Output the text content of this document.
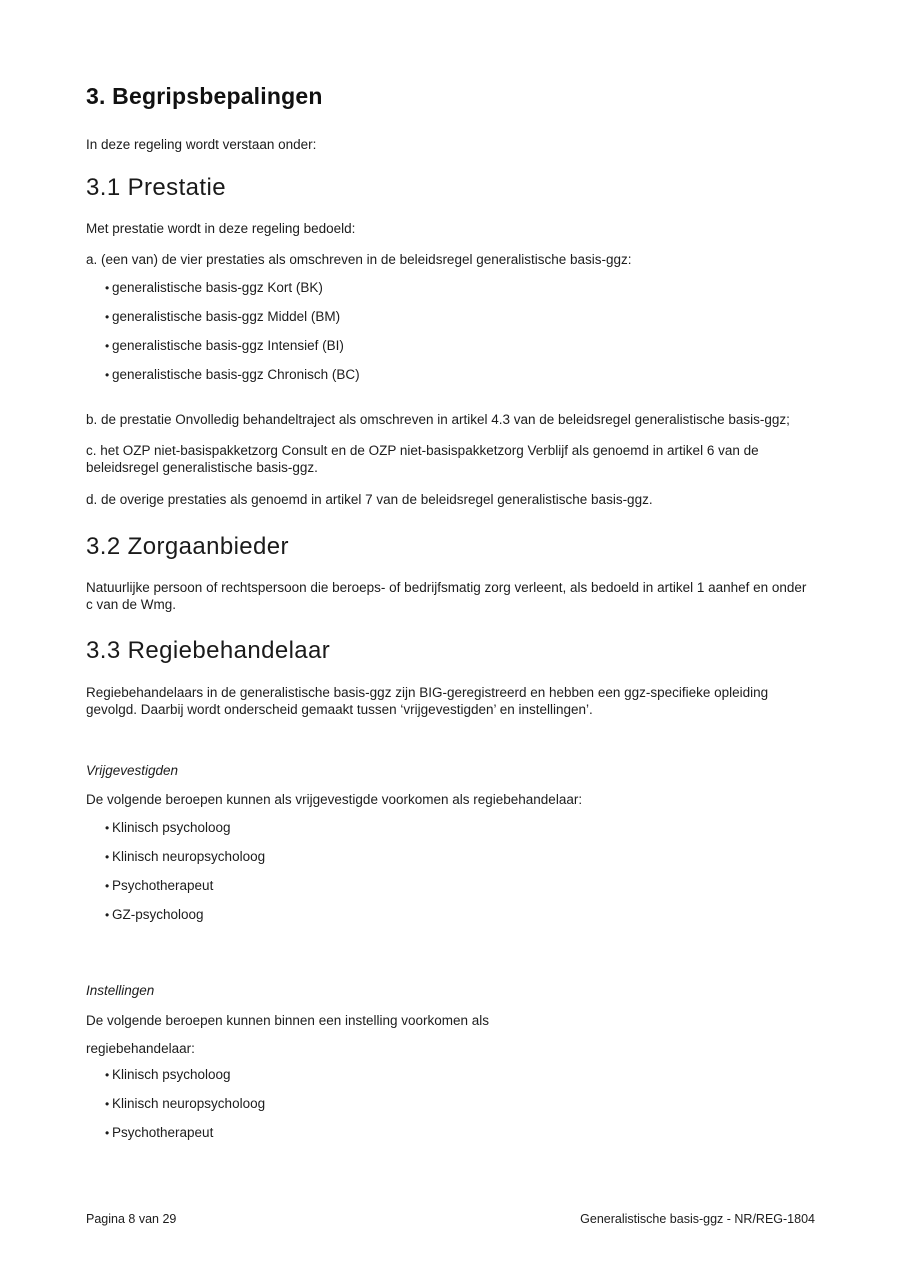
3. Begripsbepalingen

In deze regeling wordt verstaan onder:

3.1 Prestatie

Met prestatie wordt in deze regeling bedoeld:

a. (een van) de vier prestaties als omschreven in de beleidsregel generalistische basis-ggz:

• generalistische basis-ggz Kort (BK)
• generalistische basis-ggz Middel (BM)
• generalistische basis-ggz Intensief (BI)
• generalistische basis-ggz Chronisch (BC)

b. de prestatie Onvolledig behandeltraject als omschreven in artikel 4.3 van de beleidsregel generalistische basis-ggz;

c. het OZP niet-basispakketzorg Consult en de OZP niet-basispakketzorg Verblijf als genoemd in artikel 6 van de beleidsregel generalistische basis-ggz.

d. de overige prestaties als genoemd in artikel 7 van de beleidsregel generalistische basis-ggz.

3.2 Zorgaanbieder

Natuurlijke persoon of rechtspersoon die beroeps- of bedrijfsmatig zorg verleent, als bedoeld in artikel 1 aanhef en onder c van de Wmg.

3.3 Regiebehandelaar

Regiebehandelaars in de generalistische basis-ggz zijn BIG-geregistreerd en hebben een ggz-specifieke opleiding gevolgd. Daarbij wordt onderscheid gemaakt tussen ‘vrijgevestigden’ en instellingen’.

Vrijgevestigden

De volgende beroepen kunnen als vrijgevestigde voorkomen als regiebehandelaar:

• Klinisch psycholoog
• Klinisch neuropsycholoog
• Psychotherapeut
• GZ-psycholoog

Instellingen

De volgende beroepen kunnen binnen een instelling voorkomen als

regiebehandelaar:

• Klinisch psycholoog
• Klinisch neuropsycholoog
• Psychotherapeut
Pagina 8 van 29	Generalistische basis-ggz - NR/REG-1804
